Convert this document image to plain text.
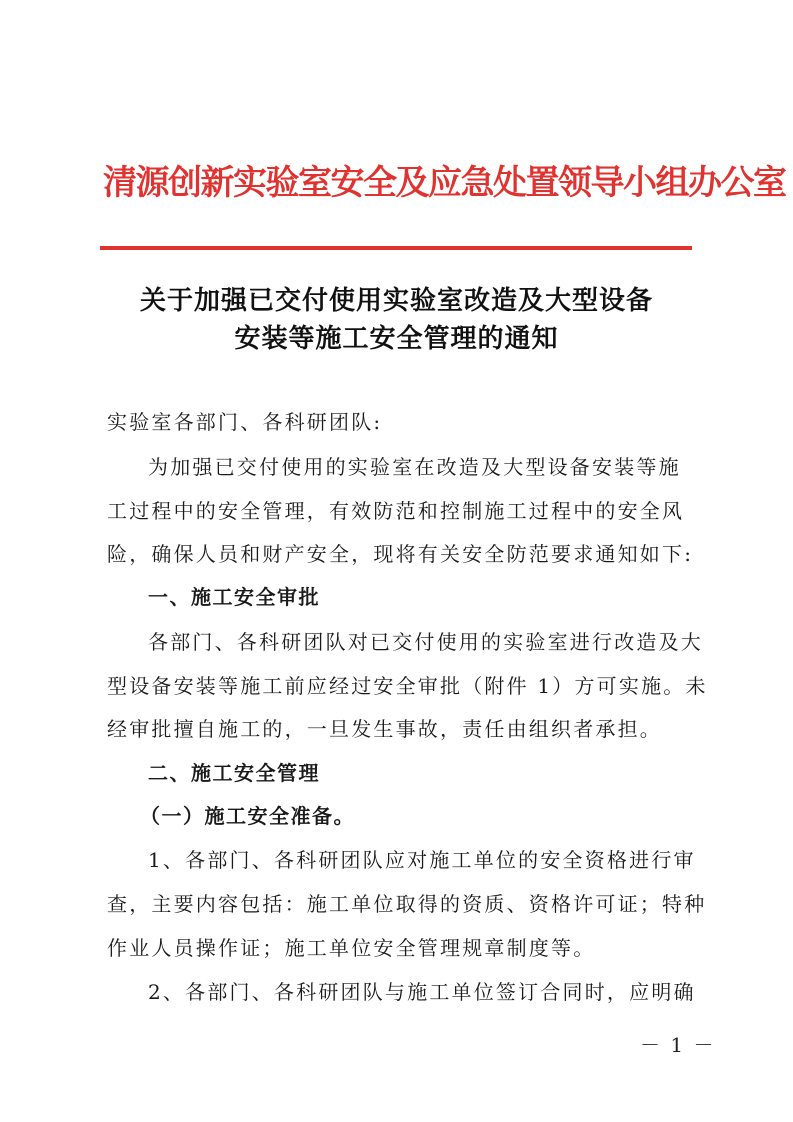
清源创新实验室安全及应急处置领导小组办公室
关于加强已交付使用实验室改造及大型设备
安装等施工安全管理的通知
实验室各部门、各科研团队:
为加强已交付使用的实验室在改造及大型设备安装等施
工过程中的安全管理，有效防范和控制施工过程中的安全风
险，确保人员和财产安全，现将有关安全防范要求通知如下:
一、施工安全审批
各部门、各科研团队对已交付使用的实验室进行改造及大
型设备安装等施工前应经过安全审批（附件 1）方可实施。未
经审批擅自施工的，一旦发生事故，责任由组织者承担。
二、施工安全管理
（一）施工安全准备。
1、各部门、各科研团队应对施工单位的安全资格进行审
查，主要内容包括：施工单位取得的资质、资格许可证；特种
作业人员操作证；施工单位安全管理规章制度等。
2、各部门、各科研团队与施工单位签订合同时，应明确
－ 1 －
